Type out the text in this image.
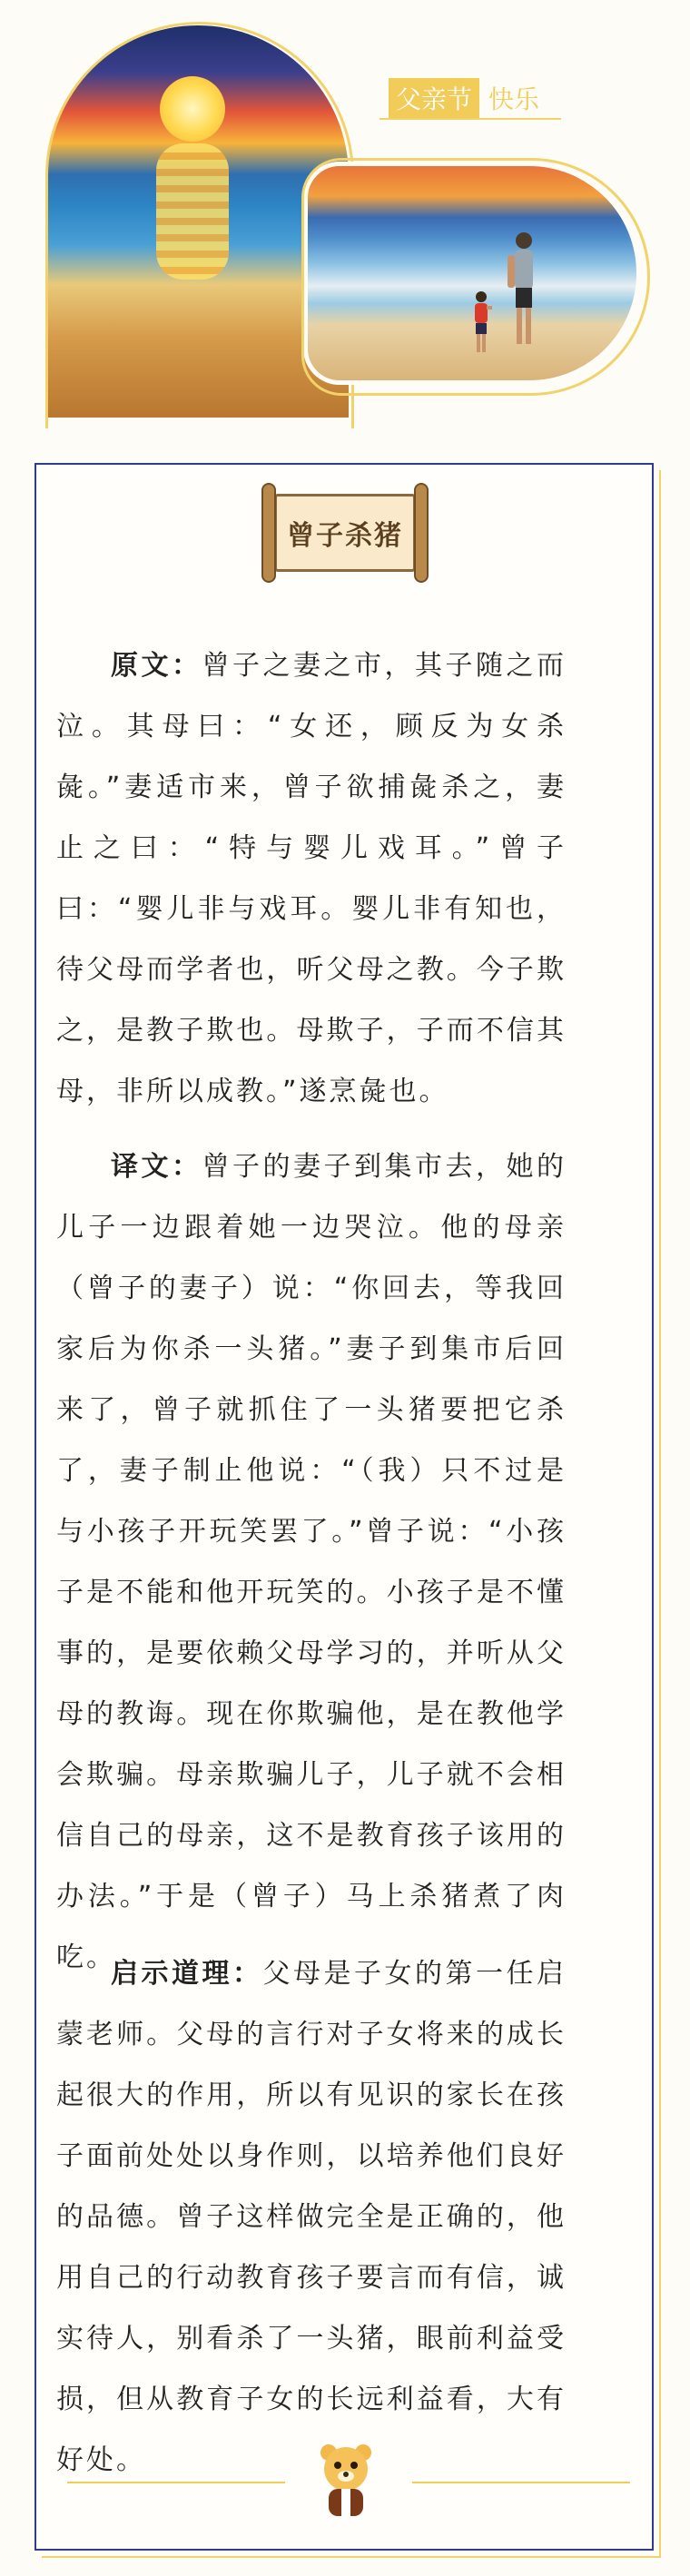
父亲节 快乐
曾子杀猪

原文：曾子之妻之市，其子随之而泣。其母曰：“女还，顾反为女杀彘。”妻适市来，曾子欲捕彘杀之，妻止之曰：“特与婴儿戏耳。”曾子曰：“婴儿非与戏耳。婴儿非有知也，待父母而学者也，听父母之教。今子欺之，是教子欺也。母欺子，子而不信其母，非所以成教。”遂烹彘也。

译文：曾子的妻子到集市去，她的儿子一边跟着她一边哭泣。他的母亲（曾子的妻子）说：“你回去，等我回家后为你杀一头猪。”妻子到集市后回来了，曾子就抓住了一头猪要把它杀了，妻子制止他说：“（我）只不过是与小孩子开玩笑罢了。”曾子说：“小孩子是不能和他开玩笑的。小孩子是不懂事的，是要依赖父母学习的，并听从父母的教诲。现在你欺骗他，是在教他学会欺骗。母亲欺骗儿子，儿子就不会相信自己的母亲，这不是教育孩子该用的办法。”于是（曾子）马上杀猪煮了肉吃。

启示道理：父母是子女的第一任启蒙老师。父母的言行对子女将来的成长起很大的作用，所以有见识的家长在孩子面前处处以身作则，以培养他们良好的品德。曾子这样做完全是正确的，他用自己的行动教育孩子要言而有信，诚实待人，别看杀了一头猪，眼前利益受损，但从教育子女的长远利益看，大有好处。
